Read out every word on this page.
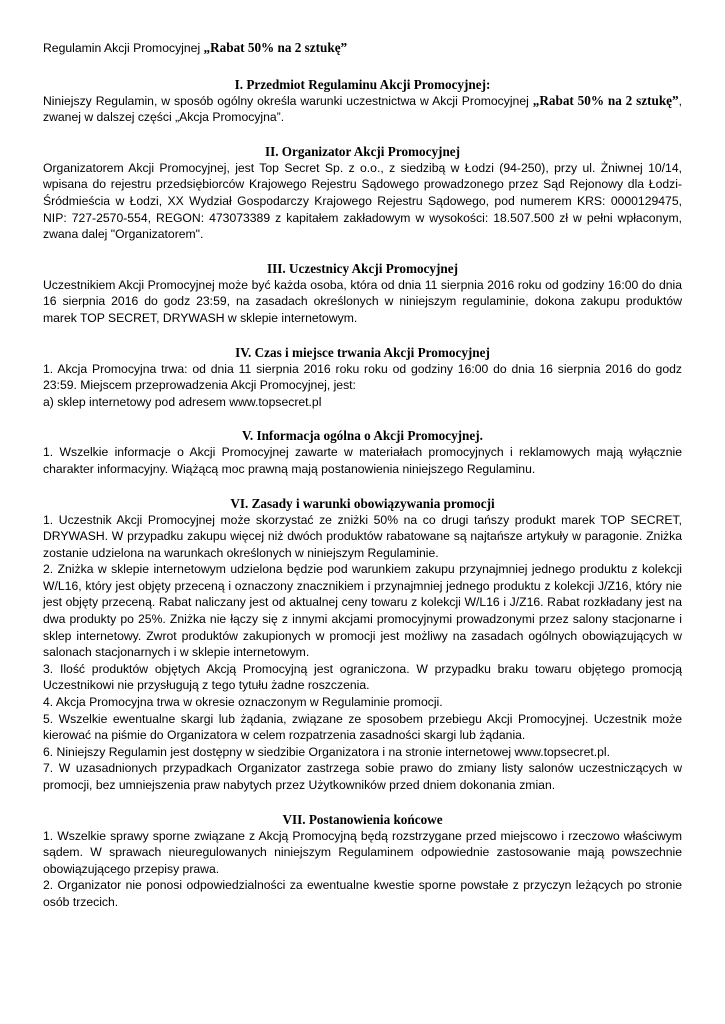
Regulamin Akcji Promocyjnej „Rabat 50% na 2 sztukę”
I. Przedmiot Regulaminu Akcji Promocyjnej:

Niniejszy Regulamin, w sposób ogólny określa warunki uczestnictwa w Akcji Promocyjnej „Rabat 50% na 2 sztukę”, zwanej w dalszej części „Akcja Promocyjna”.

II. Organizator Akcji Promocyjnej

Organizatorem Akcji Promocyjnej, jest Top Secret Sp. z o.o., z siedzibą w Łodzi (94-250), przy ul. Żniwnej 10/14, wpisana do rejestru przedsiębiorców Krajowego Rejestru Sądowego prowadzonego przez Sąd Rejonowy dla Łodzi-Śródmieścia w Łodzi, XX Wydział Gospodarczy Krajowego Rejestru Sądowego, pod numerem KRS: 0000129475, NIP: 727-2570-554, REGON: 473073389 z kapitałem zakładowym w wysokości: 18.507.500 zł w pełni wpłaconym, zwana dalej "Organizatorem".

III. Uczestnicy Akcji Promocyjnej

Uczestnikiem Akcji Promocyjnej może być każda osoba, która od dnia 11 sierpnia 2016 roku od godziny 16:00 do dnia 16 sierpnia 2016 do godz 23:59, na zasadach określonych w niniejszym regulaminie, dokona zakupu produktów marek TOP SECRET, DRYWASH w sklepie internetowym.

IV. Czas i miejsce trwania Akcji Promocyjnej

1. Akcja Promocyjna trwa: od dnia 11 sierpnia 2016 roku roku od godziny 16:00 do dnia 16 sierpnia 2016 do godz 23:59. Miejscem przeprowadzenia Akcji Promocyjnej, jest:

a) sklep internetowy pod adresem www.topsecret.pl

V. Informacja ogólna o Akcji Promocyjnej.

1. Wszelkie informacje o Akcji Promocyjnej zawarte w materiałach promocyjnych i reklamowych mają wyłącznie charakter informacyjny. Wiążącą moc prawną mają postanowienia niniejszego Regulaminu.

VI. Zasady i warunki obowiązywania promocji

1. Uczestnik Akcji Promocyjnej może skorzystać ze zniżki 50% na co drugi tańszy produkt marek TOP SECRET, DRYWASH. W przypadku zakupu więcej niż dwóch produktów rabatowane są najtańsze artykuły w paragonie. Zniżka zostanie udzielona na warunkach określonych w niniejszym Regulaminie.

2. Zniżka w sklepie internetowym udzielona będzie pod warunkiem zakupu przynajmniej jednego produktu z kolekcji W/L16, który jest objęty przeceną i oznaczony znacznikiem i przynajmniej jednego produktu z kolekcji J/Z16, który nie jest objęty przeceną. Rabat naliczany jest od aktualnej ceny towaru z kolekcji W/L16 i J/Z16. Rabat rozkładany jest na dwa produkty po 25%. Zniżka nie łączy się z innymi akcjami promocyjnymi prowadzonymi przez salony stacjonarne i sklep internetowy. Zwrot produktów zakupionych w promocji jest możliwy na zasadach ogólnych obowiązujących w salonach stacjonarnych i w sklepie internetowym.

3. Ilość produktów objętych Akcją Promocyjną jest ograniczona. W przypadku braku towaru objętego promocją Uczestnikowi nie przysługują z tego tytułu żadne roszczenia.

4. Akcja Promocyjna trwa w okresie oznaczonym w Regulaminie promocji.

5. Wszelkie ewentualne skargi lub żądania, związane ze sposobem przebiegu Akcji Promocyjnej. Uczestnik może kierować na piśmie do Organizatora w celem rozpatrzenia zasadności skargi lub żądania.

6. Niniejszy Regulamin jest dostępny w siedzibie Organizatora i na stronie internetowej www.topsecret.pl.

7. W uzasadnionych przypadkach Organizator zastrzega sobie prawo do zmiany listy salonów uczestniczących w promocji, bez umniejszenia praw nabytych przez Użytkowników przed dniem dokonania zmian.

VII. Postanowienia końcowe

1. Wszelkie sprawy sporne związane z Akcją Promocyjną będą rozstrzygane przed miejscowo i rzeczowo właściwym sądem. W sprawach nieuregulowanych niniejszym Regulaminem odpowiednie zastosowanie mają powszechnie obowiązującego przepisy prawa.

2. Organizator nie ponosi odpowiedzialności za ewentualne kwestie sporne powstałe z przyczyn leżących po stronie osób trzecich.
